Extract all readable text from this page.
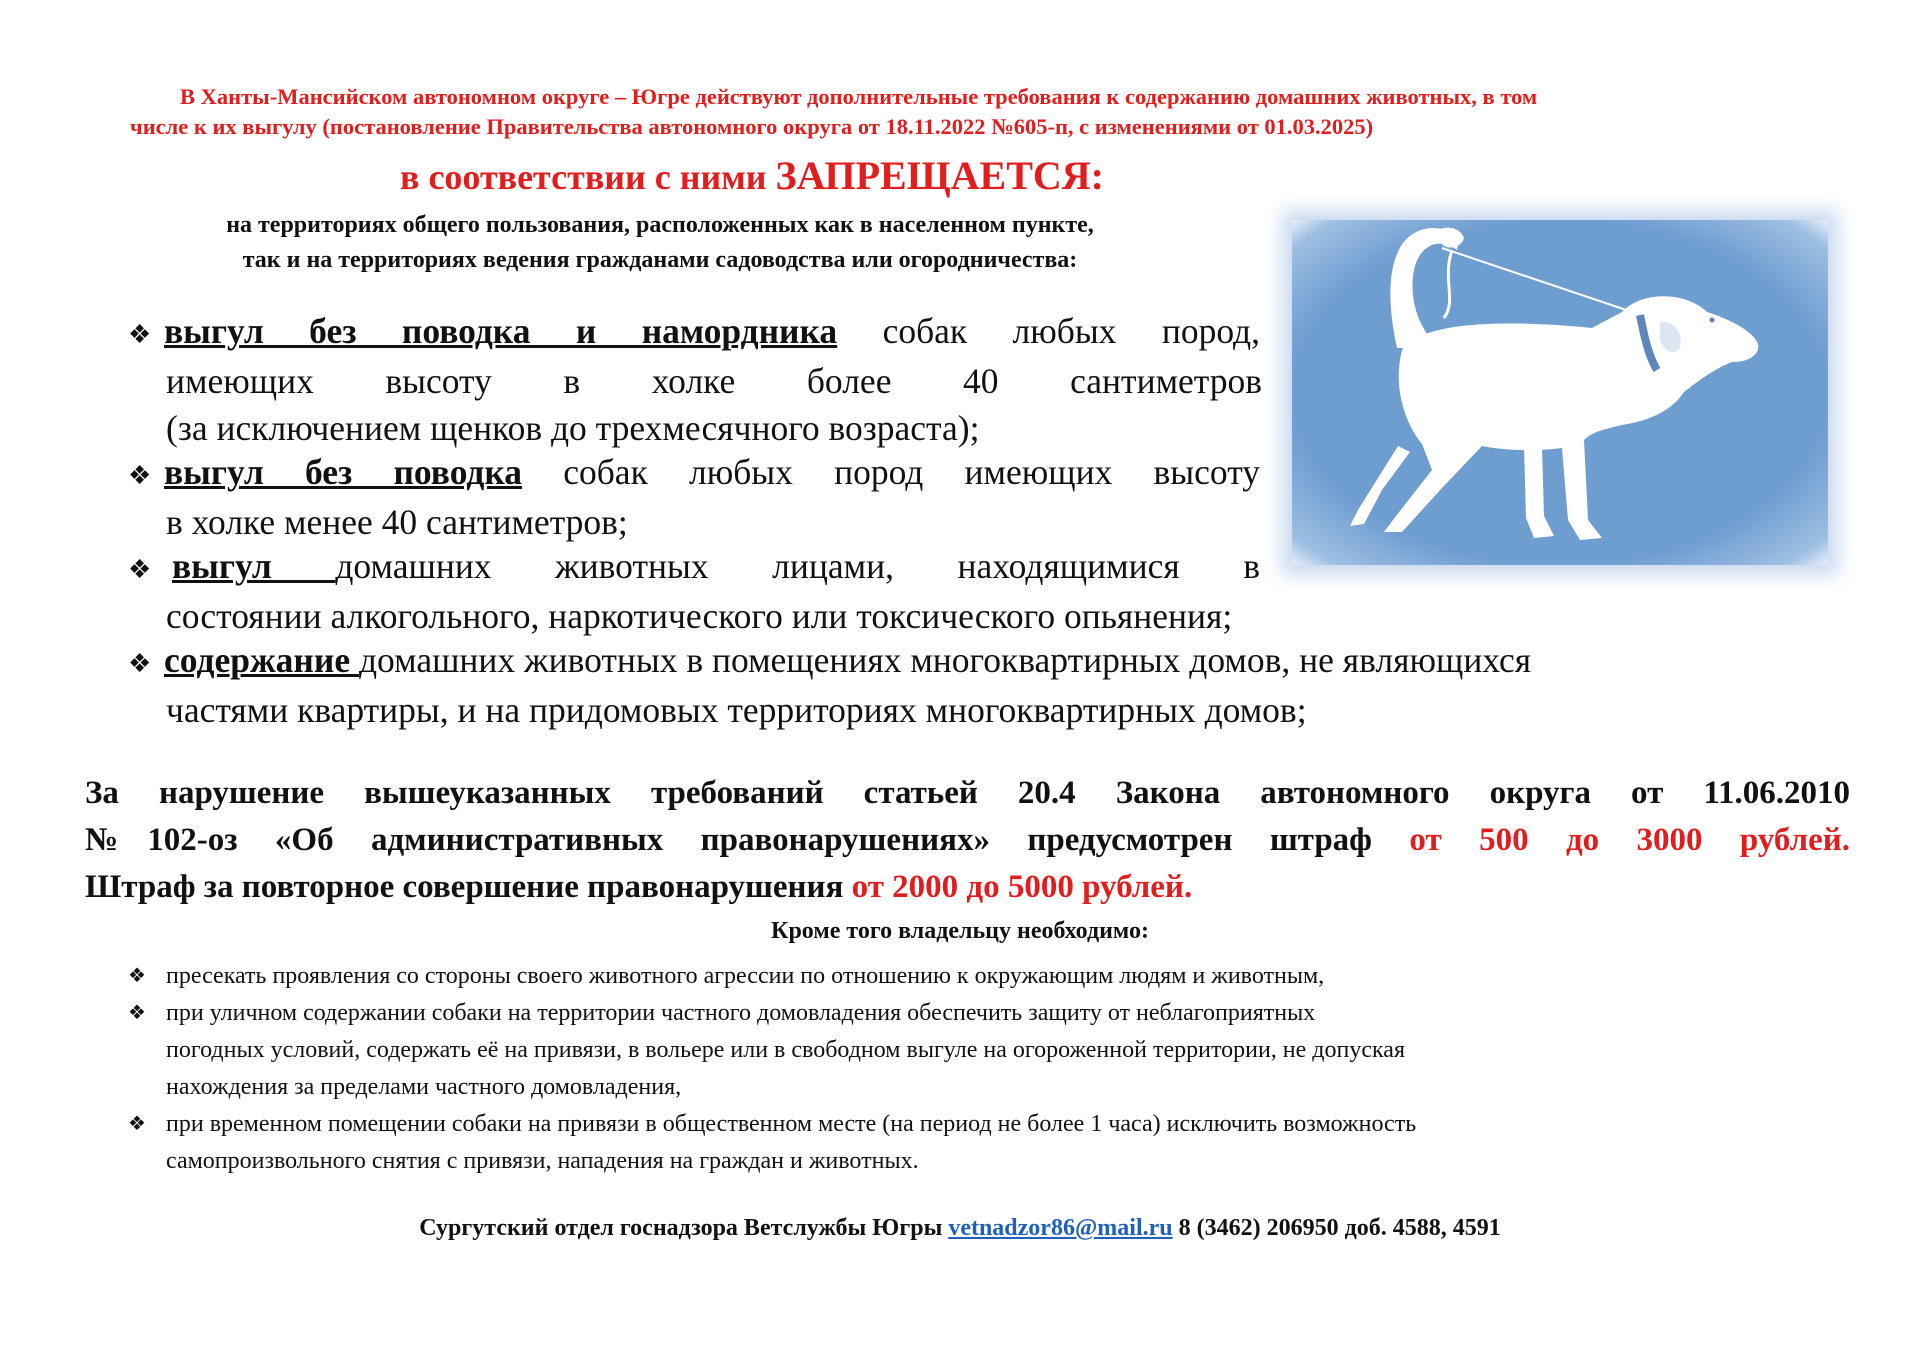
В Ханты-Мансийском автономном округе – Югре действуют дополнительные требования к содержанию домашних животных, в том
числе к их выгулу (постановление Правительства автономного округа от 18.11.2022 №605-п, с изменениями от 01.03.2025)
в соответствии с ними ЗАПРЕЩАЕТСЯ:
на территориях общего пользования, расположенных как в населенном пункте,
так и на территориях ведения гражданами садоводства или огородничества:
❖ выгул без поводка и намордника собак любых пород,
имеющих высоту в холке более 40 сантиметров
(за исключением щенков до трехмесячного возраста);
❖ выгул без поводка собак любых пород имеющих высоту
в холке менее 40 сантиметров;
❖ выгул домашних животных лицами, находящимися в
состоянии алкогольного, наркотического или токсического опьянения;
❖ содержание домашних животных в помещениях многоквартирных домов, не являющихся
частями квартиры, и на придомовых территориях многоквартирных домов;
За нарушение вышеуказанных требований статьей 20.4 Закона автономного округа от 11.06.2010
№102-оз «Об административных правонарушениях» предусмотрен штраф от 500 до 3000 рублей.
Штраф за повторное совершение правонарушения от 2000 до 5000 рублей.
Кроме того владельцу необходимо:
❖ пресекать проявления со стороны своего животного агрессии по отношению к окружающим людям и животным,
❖ при уличном содержании собаки на территории частного домовладения обеспечить защиту от неблагоприятных
погодных условий, содержать её на привязи, в вольере или в свободном выгуле на огороженной территории, не допуская
нахождения за пределами частного домовладения,
❖ при временном помещении собаки на привязи в общественном месте (на период не более 1 часа) исключить возможность
самопроизвольного снятия с привязи, нападения на граждан и животных.
Сургутский отдел госнадзора Ветслужбы Югры vetnadzor86@mail.ru 8 (3462) 206950 доб. 4588, 4591
